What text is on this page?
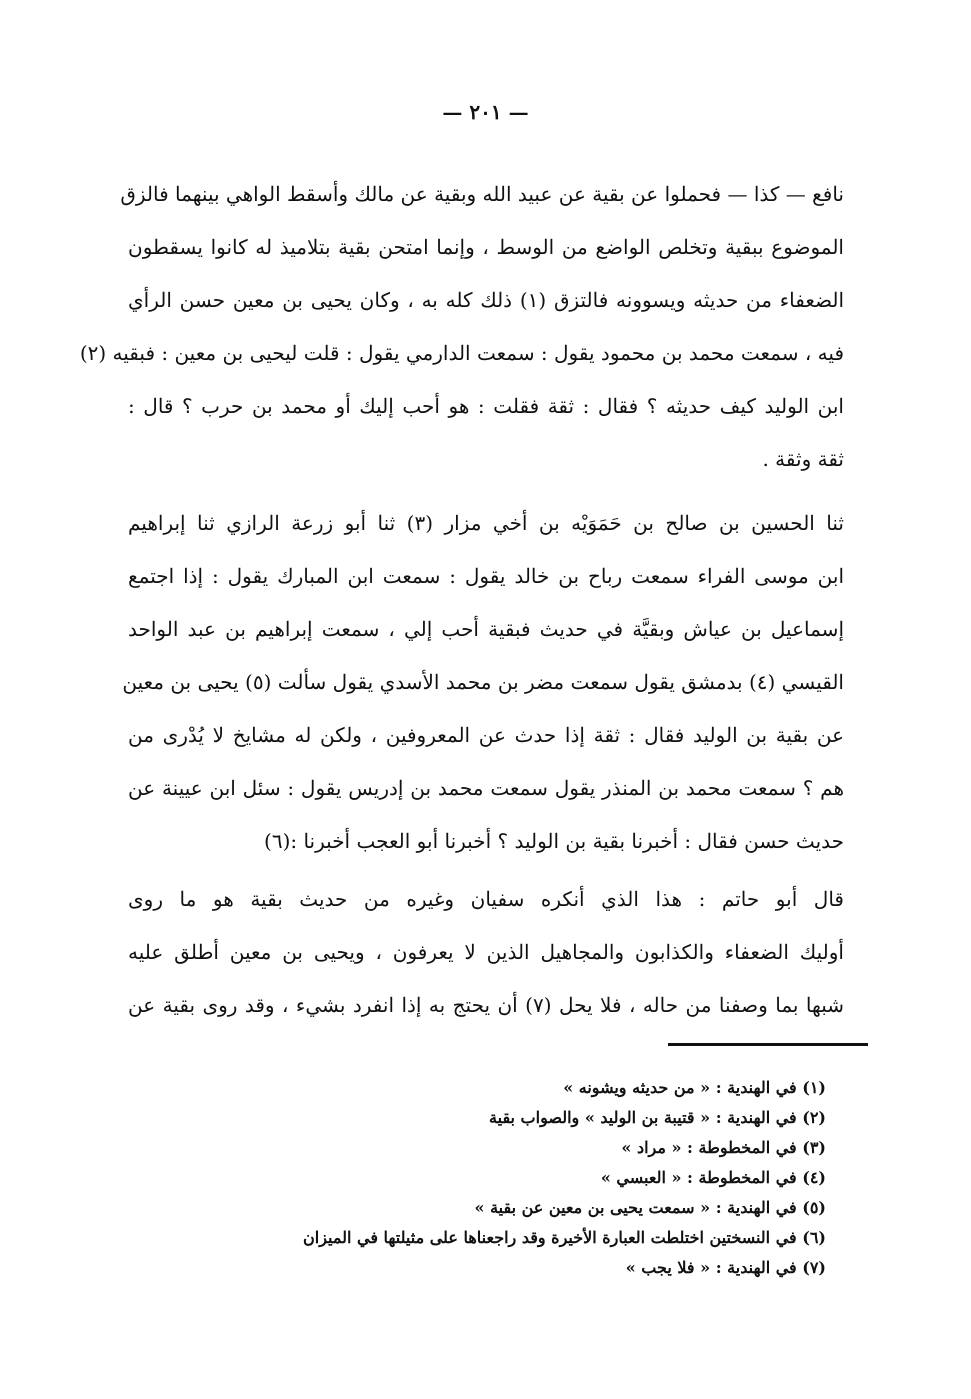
— ٢٠١ —
نافع — كذا — فحملوا عن بقية عن عبيد الله وبقية عن مالك وأسقط الواهي بينهما فالزق
الموضوع ببقية وتخلص الواضع من الوسط ، وإنما امتحن بقية بتلاميذ له كانوا يسقطون
الضعفاء من حديثه ويسوونه فالتزق (١) ذلك كله به ، وكان يحيى بن معين حسن الرأي
فيه ، سمعت محمد بن محمود يقول : سمعت الدارمي يقول : قلت ليحيى بن معين : فبقيه (٢)
ابن الوليد كيف حديثه ؟ فقال : ثقة فقلت : هو أحب إليك أو محمد بن حرب ؟ قال :
ثقة وثقة .
ثنا الحسين بن صالح بن حَمَوَيْه بن أخي مزار (٣) ثنا أبو زرعة الرازي ثنا إبراهيم
ابن موسى الفراء سمعت رباح بن خالد يقول : سمعت ابن المبارك يقول : إذا اجتمع
إسماعيل بن عياش وبقيَّة في حديث فبقية أحب إلي ، سمعت إبراهيم بن عبد الواحد
القيسي (٤) بدمشق يقول سمعت مضر بن محمد الأسدي يقول سألت (٥) يحيى بن معين
عن بقية بن الوليد فقال : ثقة إذا حدث عن المعروفين ، ولكن له مشايخ لا يُدْرى من
هم ؟ سمعت محمد بن المنذر يقول سمعت محمد بن إدريس يقول : سئل ابن عيينة عن
حديث حسن فقال : أخبرنا بقية بن الوليد ؟ أخبرنا أبو العجب أخبرنا :(٦)
قال أبو حاتم : هذا الذي أنكره سفيان وغيره من حديث بقية هو ما روى
أوليك الضعفاء والكذابون والمجاهيل الذين لا يعرفون ، ويحيى بن معين أطلق عليه
شبها بما وصفنا من حاله ، فلا يحل (٧) أن يحتج به إذا انفرد بشيء ، وقد روى بقية عن
(١) في الهندية : « من حديثه ويشونه »
(٢) في الهندية : « قتيبة بن الوليد » والصواب بقية
(٣) في المخطوطة : « مراد »
(٤) في المخطوطة : « العبسي »
(٥) في الهندية : « سمعت يحيى بن معين عن بقية »
(٦) في النسختين اختلطت العبارة الأخيرة وقد راجعناها على مثيلتها في الميزان
(٧) في الهندية : « فلا يجب »
